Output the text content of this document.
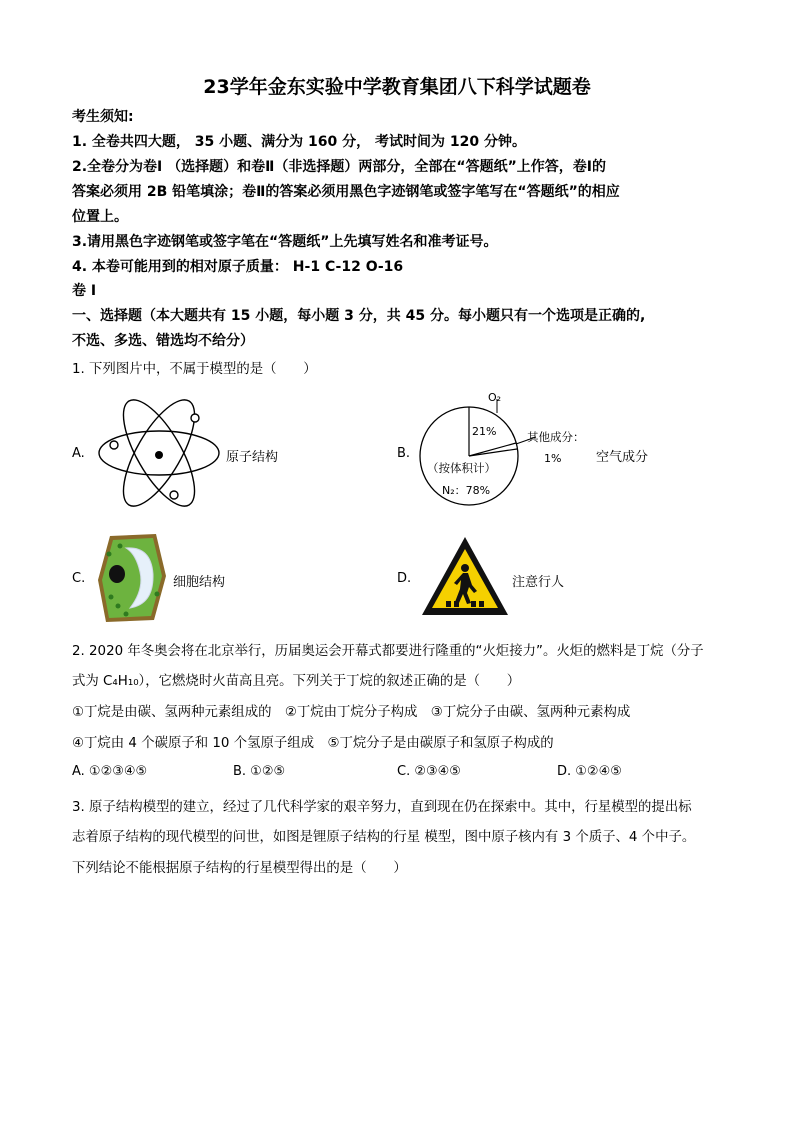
23学年金东实验中学教育集团八下科学试题卷
考生须知:
1. 全卷共四大题， 35 小题、满分为 160 分， 考试时间为 120 分钟。
2.全卷分为卷Ⅰ （选择题）和卷Ⅱ（非选择题）两部分，全部在“答题纸”上作答，卷Ⅰ的
答案必须用 2B 铅笔填涂；卷Ⅱ的答案必须用黑色字迹钢笔或签字笔写在“答题纸”的相应
位置上。
3.请用黑色字迹钢笔或签字笔在“答题纸”上先填写姓名和准考证号。
4. 本卷可能用到的相对原子质量： H-1 C-12 O-16
卷 I
一、选择题（本大题共有 15 小题，每小题 3 分，共 45 分。每小题只有一个选项是正确的,
不选、多选、错选均不给分）
1. 下列图片中，不属于模型的是（　　）
A.	原子结构	B.
O₂
21%	其他成分：
1%
（按体积计）
N₂：78%
空气成分
C.	细胞结构	D.	注意行人
2. 2020 年冬奥会将在北京举行，历届奥运会开幕式都要进行隆重的“火炬接力”。火炬的燃料是丁烷（分子
式为 C₄H₁₀），它燃烧时火苗高且亮。下列关于丁烷的叙述正确的是（　　）
①丁烷是由碳、氢两种元素组成的　②丁烷由丁烷分子构成　③丁烷分子由碳、氢两种元素构成
④丁烷由 4 个碳原子和 10 个氢原子组成　⑤丁烷分子是由碳原子和氢原子构成的
A. ①②③④⑤	B. ①②⑤	C. ②③④⑤	D. ①②④⑤
3. 原子结构模型的建立，经过了几代科学家的艰辛努力，直到现在仍在探索中。其中，行星模型的提出标
志着原子结构的现代模型的问世，如图是锂原子结构的行星 模型，图中原子核内有 3 个质子、4 个中子。
下列结论不能根据原子结构的行星模型得出的是（　　）
